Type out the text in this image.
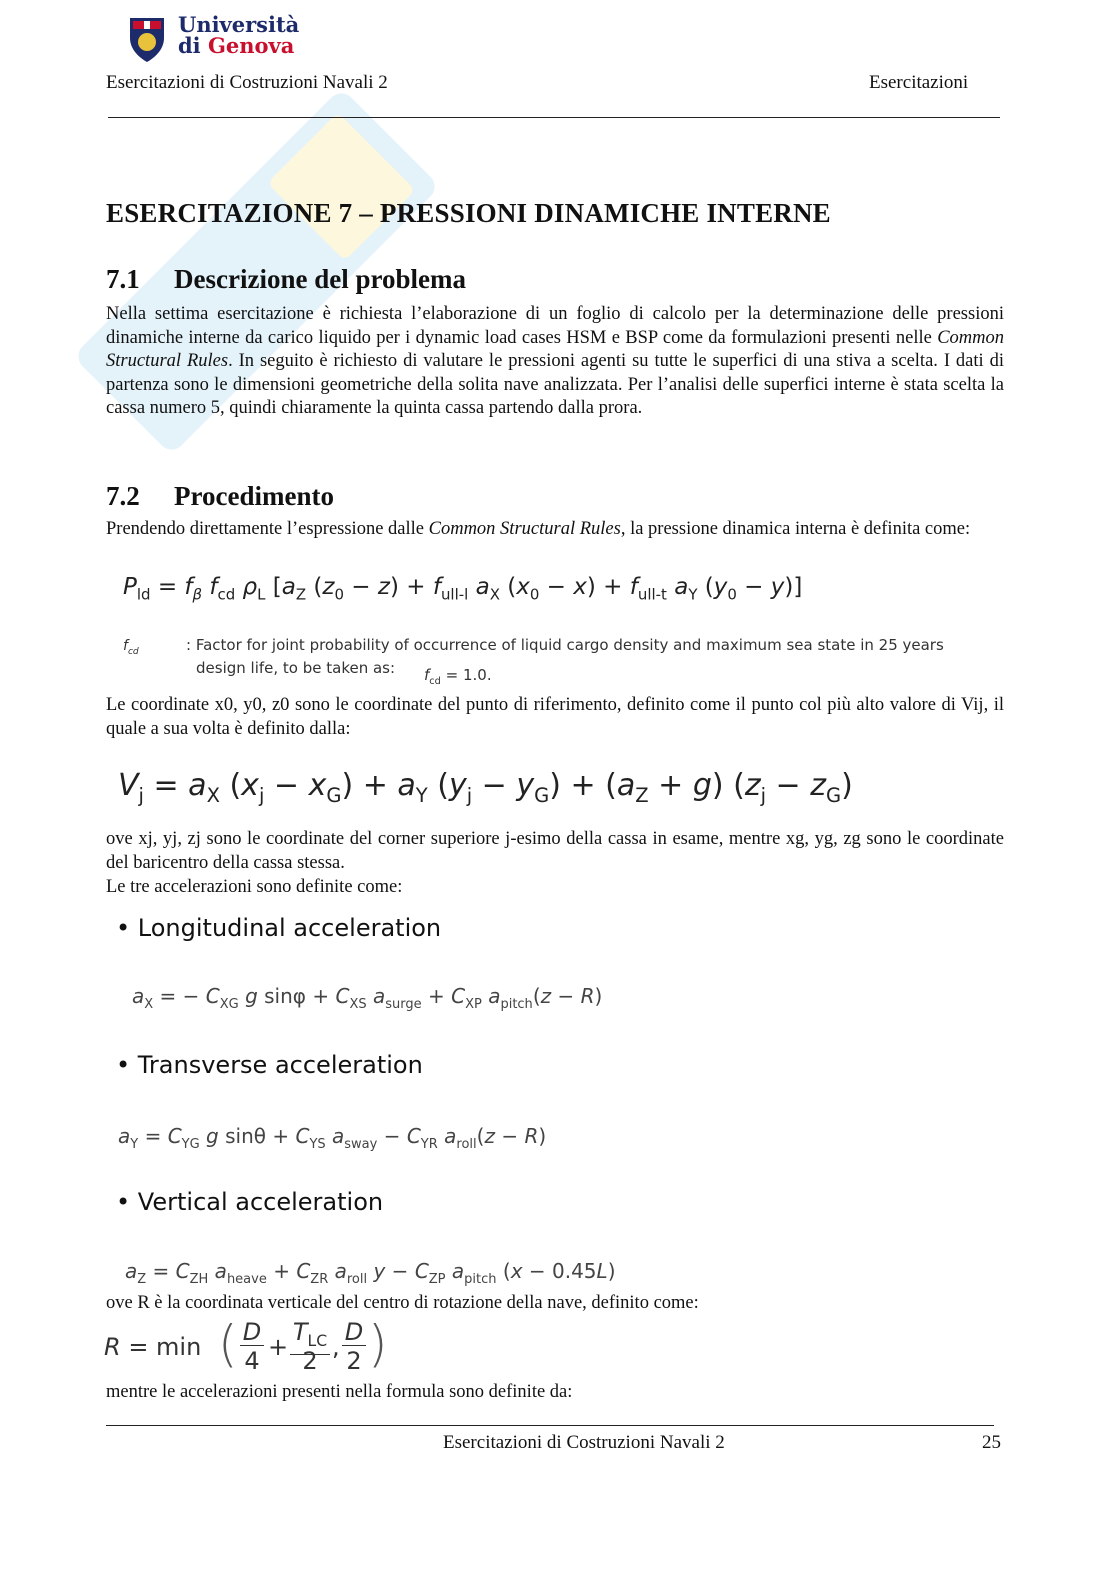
Università
di Genova
Esercitazioni di Costruzioni Navali 2	Esercitazioni
ESERCITAZIONE 7 – PRESSIONI DINAMICHE INTERNE
7.1 Descrizione del problema
Nella settima esercitazione è richiesta l’elaborazione di un foglio di calcolo per la determinazione delle pressioni dinamiche interne da carico liquido per i dynamic load cases HSM e BSP come da formulazioni presenti nelle Common Structural Rules. In seguito è richiesto di valutare le pressioni agenti su tutte le superfici di una stiva a scelta. I dati di partenza sono le dimensioni geometriche della solita nave analizzata. Per l’analisi delle superfici interne è stata scelta la cassa numero 5, quindi chiaramente la quinta cassa partendo dalla prora.
7.2 Procedimento
Prendendo direttamente l’espressione dalle Common Structural Rules, la pressione dinamica interna è definita come:
$P_{ld} = f_\beta$ $f_{cd}$ $\rho_L$ [$a_Z$ $(z_0 - z) + f_{ull-l}$ $a_X$ $(x_0 - x) + f_{ull-t}$ $a_Y$ $(y_0 - y)$]
$f_{cd}$	: Factor for joint probability of occurrence of liquid cargo density and maximum sea state in 25 years
design life, to be taken as: $f_{cd} = 1.0$.
Le coordinate x0, y0, z0 sono le coordinate del punto di riferimento, definito come il punto col più alto valore di Vij, il quale a sua volta è definito dalla:
$V_j = a_X$ $(x_j - x_G) + a_Y$ $(y_j - y_G) + (a_Z + g) (z_j - z_G)$
ove xj, yj, zj sono le coordinate del corner superiore j-esimo della cassa in esame, mentre xg, yg, zg sono le coordinate del baricentro della cassa stessa.
Le tre accelerazioni sono definite come:
• Longitudinal acceleration
$a_X$ = − $C_{XG}$ g $\sin\varphi + C_{XS}$ $a_{surge} + C_{XP}$ $a_{pitch}(z - R)$
• Transverse acceleration
$a_Y = C_{YG}$ g $\sin\theta + C_{YS}$ $a_{sway} - C_{YR}$ $a_{roll}(z - R)$
• Vertical acceleration
$a_Z = C_{ZH}$ $a_{heave} + C_{ZR}$ $a_{roll}$ $y - C_{ZP}$ $a_{pitch}$ (x − 0.45L)
ove R è la coordinata verticale del centro di rotazione della nave, definito come:
R = min ( D
4 +
$T_{LC}$
2 ,
D
2 )
mentre le accelerazioni presenti nella formula sono definite da:
Esercitazioni di Costruzioni Navali 2	25
